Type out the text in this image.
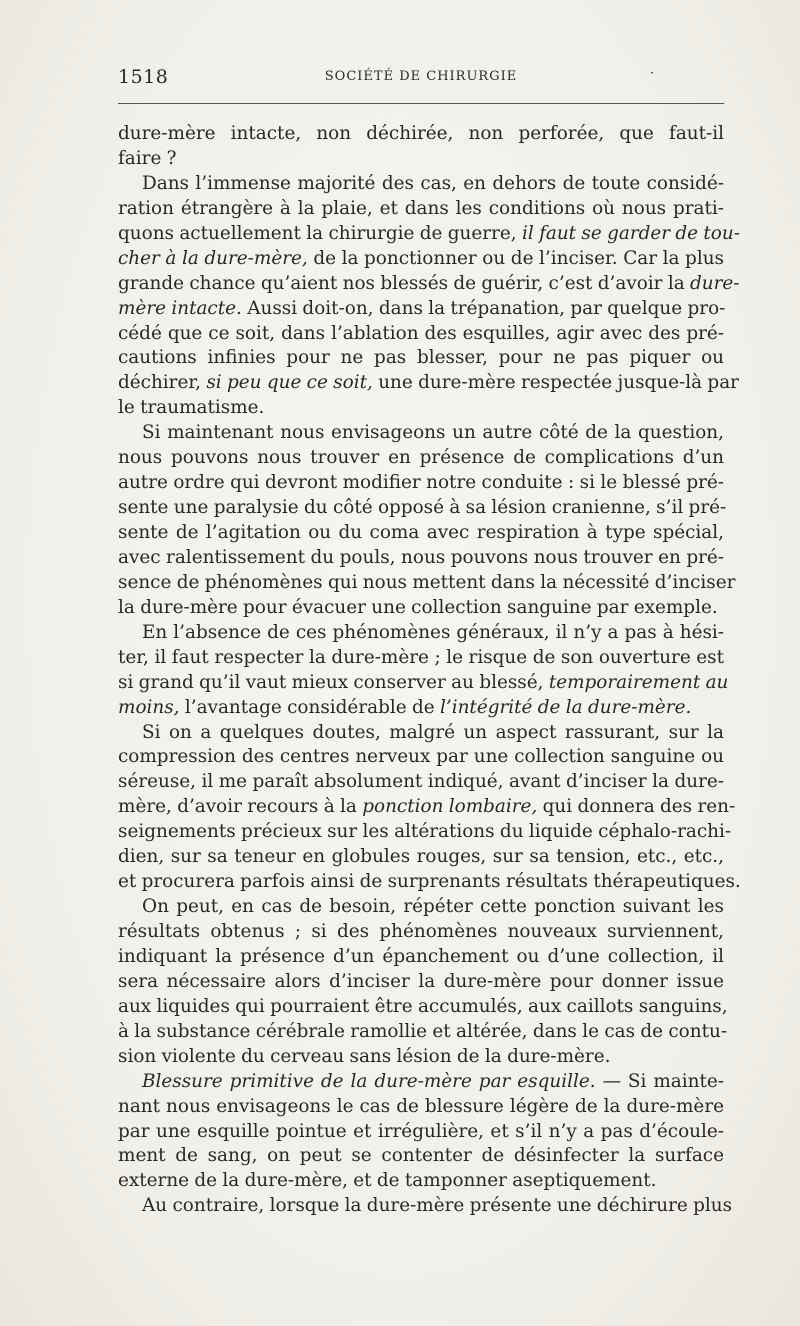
1518	SOCIÉTÉ DE CHIRURGIE	·
dure-mère intacte, non déchirée, non perforée, que faut-il
faire ?
Dans l’immense majorité des cas, en dehors de toute considé-
ration étrangère à la plaie, et dans les conditions où nous prati-
quons actuellement la chirurgie de guerre, il faut se garder de tou-
cher à la dure-mère, de la ponctionner ou de l’inciser. Car la plus
grande chance qu’aient nos blessés de guérir, c’est d’avoir la dure-
mère intacte. Aussi doit-on, dans la trépanation, par quelque pro-
cédé que ce soit, dans l’ablation des esquilles, agir avec des pré-
cautions infinies pour ne pas blesser, pour ne pas piquer ou
déchirer, si peu que ce soit, une dure-mère respectée jusque-là par
le traumatisme.
Si maintenant nous envisageons un autre côté de la question,
nous pouvons nous trouver en présence de complications d’un
autre ordre qui devront modifier notre conduite : si le blessé pré-
sente une paralysie du côté opposé à sa lésion cranienne, s’il pré-
sente de l’agitation ou du coma avec respiration à type spécial,
avec ralentissement du pouls, nous pouvons nous trouver en pré-
sence de phénomènes qui nous mettent dans la nécessité d’inciser
la dure-mère pour évacuer une collection sanguine par exemple.
En l’absence de ces phénomènes généraux, il n’y a pas à hési-
ter, il faut respecter la dure-mère ; le risque de son ouverture est
si grand qu’il vaut mieux conserver au blessé, temporairement au
moins, l’avantage considérable de l’intégrité de la dure-mère.
Si on a quelques doutes, malgré un aspect rassurant, sur la
compression des centres nerveux par une collection sanguine ou
séreuse, il me paraît absolument indiqué, avant d’inciser la dure-
mère, d’avoir recours à la ponction lombaire, qui donnera des ren-
seignements précieux sur les altérations du liquide céphalo-rachi-
dien, sur sa teneur en globules rouges, sur sa tension, etc., etc.,
et procurera parfois ainsi de surprenants résultats thérapeutiques.
On peut, en cas de besoin, répéter cette ponction suivant les
résultats obtenus ; si des phénomènes nouveaux surviennent,
indiquant la présence d’un épanchement ou d’une collection, il
sera nécessaire alors d’inciser la dure-mère pour donner issue
aux liquides qui pourraient être accumulés, aux caillots sanguins,
à la substance cérébrale ramollie et altérée, dans le cas de contu-
sion violente du cerveau sans lésion de la dure-mère.
Blessure primitive de la dure-mère par esquille. — Si mainte-
nant nous envisageons le cas de blessure légère de la dure-mère
par une esquille pointue et irrégulière, et s’il n’y a pas d’écoule-
ment de sang, on peut se contenter de désinfecter la surface
externe de la dure-mère, et de tamponner aseptiquement.
Au contraire, lorsque la dure-mère présente une déchirure plus
